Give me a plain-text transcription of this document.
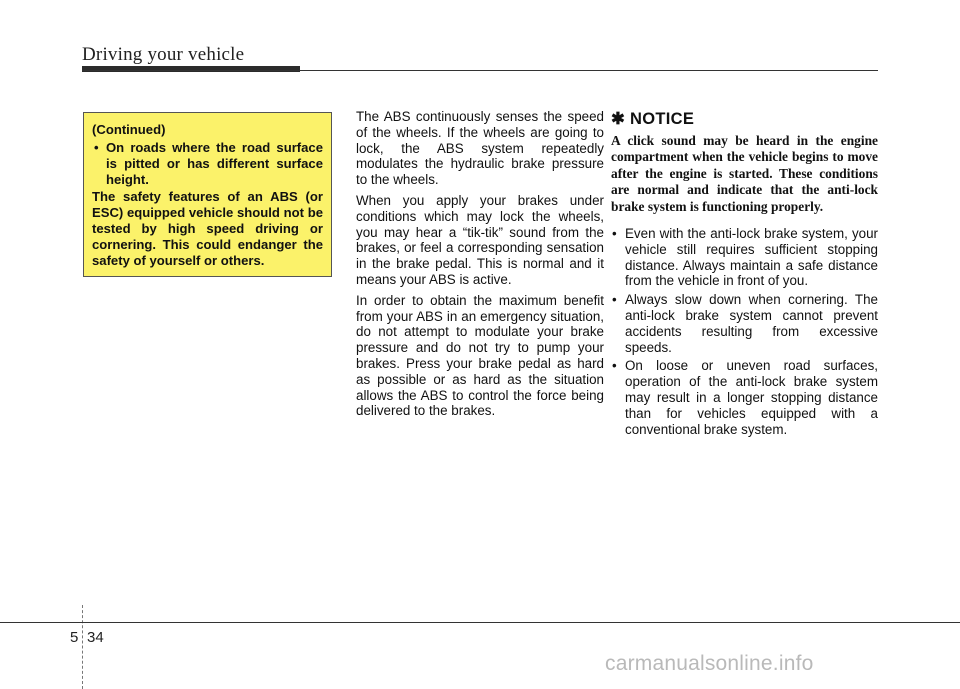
Driving your vehicle

(Continued)

• On roads where the road surface is pitted or has different surface height.

The safety features of an ABS (or ESC) equipped vehicle should not be tested by high speed driving or cornering. This could endanger the safety of yourself or others.

The ABS continuously senses the speed of the wheels. If the wheels are going to lock, the ABS system repeatedly modulates the hydraulic brake pressure to the wheels.

When you apply your brakes under conditions which may lock the wheels, you may hear a “tik-tik” sound from the brakes, or feel a corresponding sensation in the brake pedal. This is normal and it means your ABS is active.

In order to obtain the maximum benefit from your ABS in an emergency situation, do not attempt to modulate your brake pressure and do not try to pump your brakes. Press your brake pedal as hard as possible or as hard as the situation allows the ABS to control the force being delivered to the brakes.

✱ NOTICE
A click sound may be heard in the engine compartment when the vehicle begins to move after the engine is started. These conditions are normal and indicate that the anti-lock brake system is functioning properly.
• Even with the anti-lock brake system, your vehicle still requires sufficient stopping distance. Always maintain a safe distance from the vehicle in front of you.
• Always slow down when cornering. The anti-lock brake system cannot prevent accidents resulting from excessive speeds.
• On loose or uneven road surfaces, operation of the anti-lock brake system may result in a longer stopping distance than for vehicles equipped with a conventional brake system.
5 34
carmanualsonline.info
